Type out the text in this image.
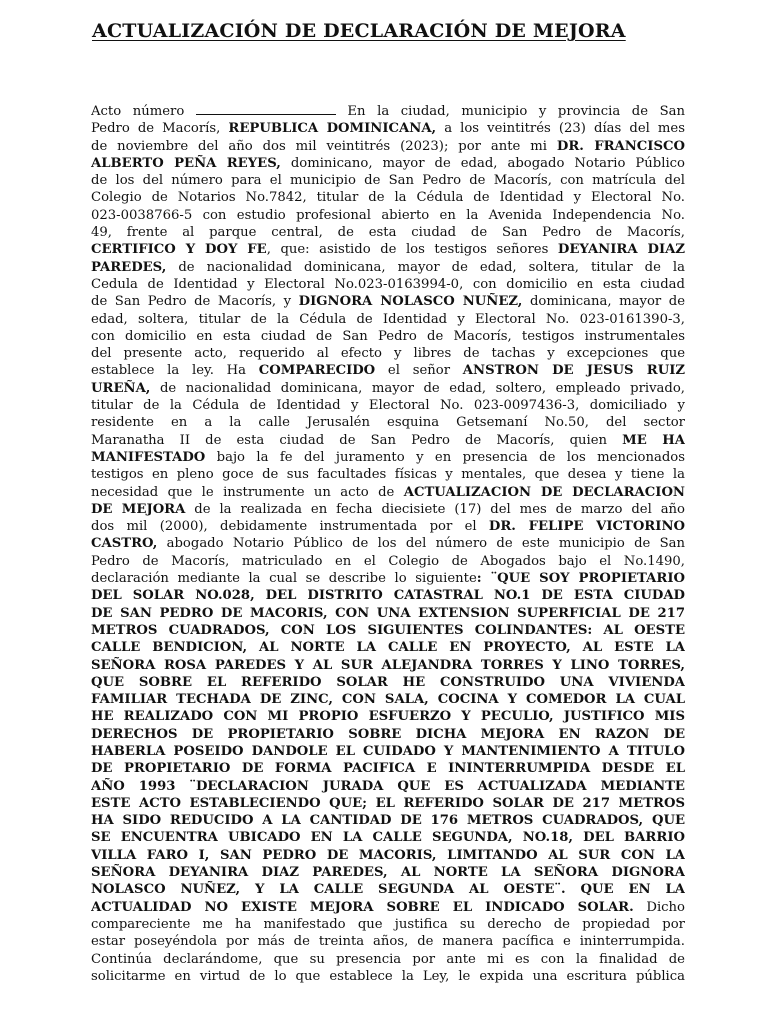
ACTUALIZACIÓN DE DECLARACIÓN DE MEJORA
Acto número	En la ciudad, municipio y provincia de San
Pedro de Macorís, REPUBLICA DOMINICANA, a los veintitrés (23) días del mes
de noviembre del año dos mil veintitrés (2023); por ante mi DR. FRANCISCO
ALBERTO PEÑA REYES, dominicano, mayor de edad, abogado Notario Público
de los del número para el municipio de San Pedro de Macorís, con matrícula del
Colegio de Notarios No.7842, titular de la Cédula de Identidad y Electoral No.
023-0038766-5 con estudio profesional abierto en la Avenida Independencia No.
49, frente al parque central, de esta ciudad de San Pedro de Macorís,
CERTIFICO Y DOY FE, que: asistido de los testigos señores DEYANIRA DIAZ
PAREDES, de nacionalidad dominicana, mayor de edad, soltera, titular de la
Cedula de Identidad y Electoral No.023-0163994-0, con domicilio en esta ciudad
de San Pedro de Macorís, y DIGNORA NOLASCO NUÑEZ, dominicana, mayor de
edad, soltera, titular de la Cédula de Identidad y Electoral No. 023-0161390-3,
con domicilio en esta ciudad de San Pedro de Macorís, testigos instrumentales
del presente acto, requerido al efecto y libres de tachas y excepciones que
establece la ley. Ha COMPARECIDO el señor ANSTRON DE JESUS RUIZ
UREÑA, de nacionalidad dominicana, mayor de edad, soltero, empleado privado,
titular de la Cédula de Identidad y Electoral No. 023-0097436-3, domiciliado y
residente en a la calle Jerusalén esquina Getsemaní No.50, del sector
Maranatha II de esta ciudad de San Pedro de Macorís, quien ME HA
MANIFESTADO bajo la fe del juramento y en presencia de los mencionados
testigos en pleno goce de sus facultades físicas y mentales, que desea y tiene la
necesidad que le instrumente un acto de ACTUALIZACION DE DECLARACION
DE MEJORA de la realizada en fecha diecisiete (17) del mes de marzo del año
dos mil (2000), debidamente instrumentada por el DR. FELIPE VICTORINO
CASTRO, abogado Notario Público de los del número de este municipio de San
Pedro de Macorís, matriculado en el Colegio de Abogados bajo el No.1490,
declaración mediante la cual se describe lo siguiente: ¨QUE SOY PROPIETARIO
DEL SOLAR NO.028, DEL DISTRITO CATASTRAL NO.1 DE ESTA CIUDAD
DE SAN PEDRO DE MACORIS, CON UNA EXTENSION SUPERFICIAL DE 217
METROS CUADRADOS, CON LOS SIGUIENTES COLINDANTES: AL OESTE
CALLE BENDICION, AL NORTE LA CALLE EN PROYECTO, AL ESTE LA
SEÑORA ROSA PAREDES Y AL SUR ALEJANDRA TORRES Y LINO TORRES,
QUE SOBRE EL REFERIDO SOLAR HE CONSTRUIDO UNA VIVIENDA
FAMILIAR TECHADA DE ZINC, CON SALA, COCINA Y COMEDOR LA CUAL
HE REALIZADO CON MI PROPIO ESFUERZO Y PECULIO, JUSTIFICO MIS
DERECHOS DE PROPIETARIO SOBRE DICHA MEJORA EN RAZON DE
HABERLA POSEIDO DANDOLE EL CUIDADO Y MANTENIMIENTO A TITULO
DE PROPIETARIO DE FORMA PACIFICA E ININTERRUMPIDA DESDE EL
AÑO 1993 ¨DECLARACION JURADA QUE ES ACTUALIZADA MEDIANTE
ESTE ACTO ESTABLECIENDO QUE; EL REFERIDO SOLAR DE 217 METROS
HA SIDO REDUCIDO A LA CANTIDAD DE 176 METROS CUADRADOS, QUE
SE ENCUENTRA UBICADO EN LA CALLE SEGUNDA, NO.18, DEL BARRIO
VILLA FARO I, SAN PEDRO DE MACORIS, LIMITANDO AL SUR CON LA
SEÑORA DEYANIRA DIAZ PAREDES, AL NORTE LA SEÑORA DIGNORA
NOLASCO NUÑEZ, Y LA CALLE SEGUNDA AL OESTE¨. QUE EN LA
ACTUALIDAD NO EXISTE MEJORA SOBRE EL INDICADO SOLAR. Dicho
compareciente me ha manifestado que justifica su derecho de propiedad por
estar poseyéndola por más de treinta años, de manera pacífica e ininterrumpida.
Continúa declarándome, que su presencia por ante mi es con la finalidad de
solicitarme en virtud de lo que establece la Ley, le expida una escritura pública
